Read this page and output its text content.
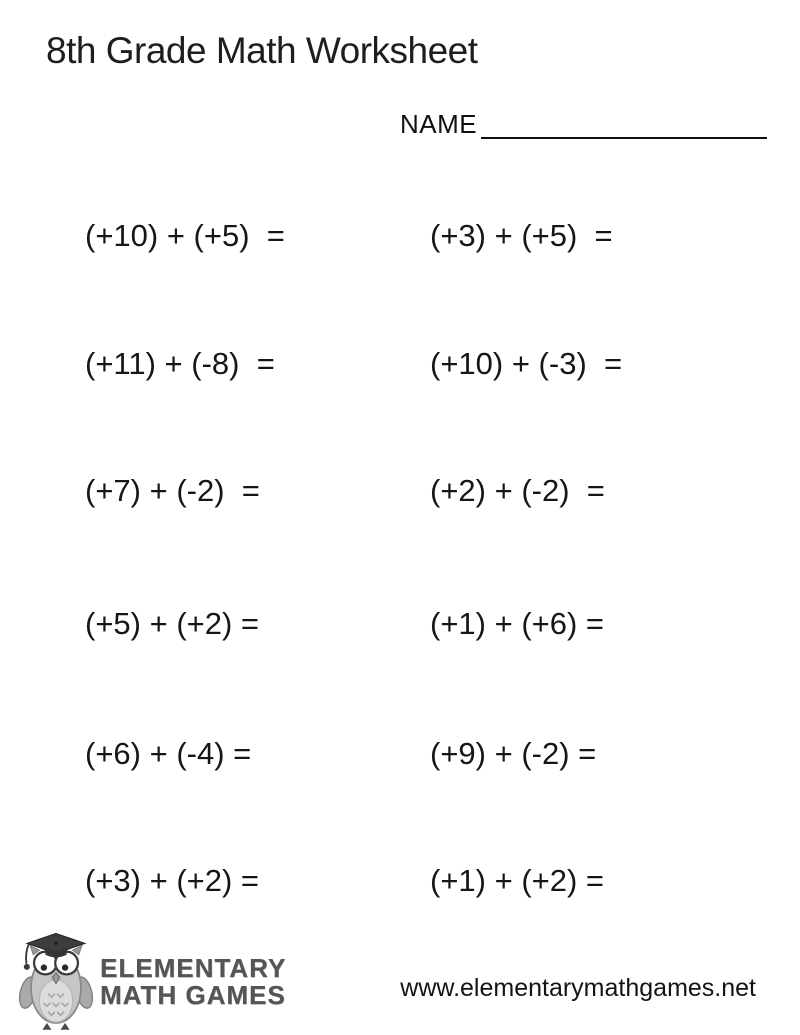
8th Grade Math Worksheet
NAME
(+10) + (+5)  =	(+3) + (+5)  =
(+11) + (-8)  =	(+10) + (-3)  =
(+7) + (-2)  =	(+2) + (-2)  =
(+5) + (+2) =	(+1) + (+6) =
(+6) + (-4) =	(+9) + (-2) =
(+3) + (+2) =	(+1) + (+2) =
ELEMENTARY
MATH GAMES	www.elementarymathgames.net
